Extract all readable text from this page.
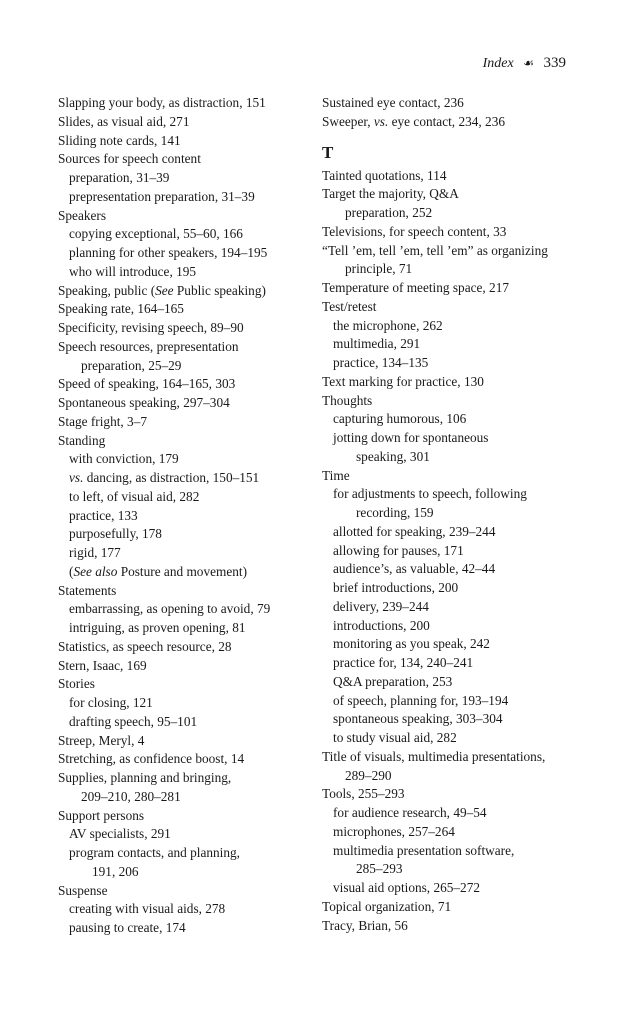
Index ☙ 339
Slapping your body, as distraction, 151
Slides, as visual aid, 271
Sliding note cards, 141
Sources for speech content
preparation, 31–39
prepresentation preparation, 31–39
Speakers
copying exceptional, 55–60, 166
planning for other speakers, 194–195
who will introduce, 195
Speaking, public (See Public speaking)
Speaking rate, 164–165
Specificity, revising speech, 89–90
Speech resources, prepresentation
preparation, 25–29
Speed of speaking, 164–165, 303
Spontaneous speaking, 297–304
Stage fright, 3–7
Standing
with conviction, 179
vs. dancing, as distraction, 150–151
to left, of visual aid, 282
practice, 133
purposefully, 178
rigid, 177
(See also Posture and movement)
Statements
embarrassing, as opening to avoid, 79
intriguing, as proven opening, 81
Statistics, as speech resource, 28
Stern, Isaac, 169
Stories
for closing, 121
drafting speech, 95–101
Streep, Meryl, 4
Stretching, as confidence boost, 14
Supplies, planning and bringing,
209–210, 280–281
Support persons
AV specialists, 291
program contacts, and planning,
191, 206
Suspense
creating with visual aids, 278
pausing to create, 174
Sustained eye contact, 236
Sweeper, vs. eye contact, 234, 236
T
Tainted quotations, 114
Target the majority, Q&A
preparation, 252
Televisions, for speech content, 33
“Tell ’em, tell ’em, tell ’em” as organizing
principle, 71
Temperature of meeting space, 217
Test/retest
the microphone, 262
multimedia, 291
practice, 134–135
Text marking for practice, 130
Thoughts
capturing humorous, 106
jotting down for spontaneous
speaking, 301
Time
for adjustments to speech, following
recording, 159
allotted for speaking, 239–244
allowing for pauses, 171
audience’s, as valuable, 42–44
brief introductions, 200
delivery, 239–244
introductions, 200
monitoring as you speak, 242
practice for, 134, 240–241
Q&A preparation, 253
of speech, planning for, 193–194
spontaneous speaking, 303–304
to study visual aid, 282
Title of visuals, multimedia presentations,
289–290
Tools, 255–293
for audience research, 49–54
microphones, 257–264
multimedia presentation software,
285–293
visual aid options, 265–272
Topical organization, 71
Tracy, Brian, 56
